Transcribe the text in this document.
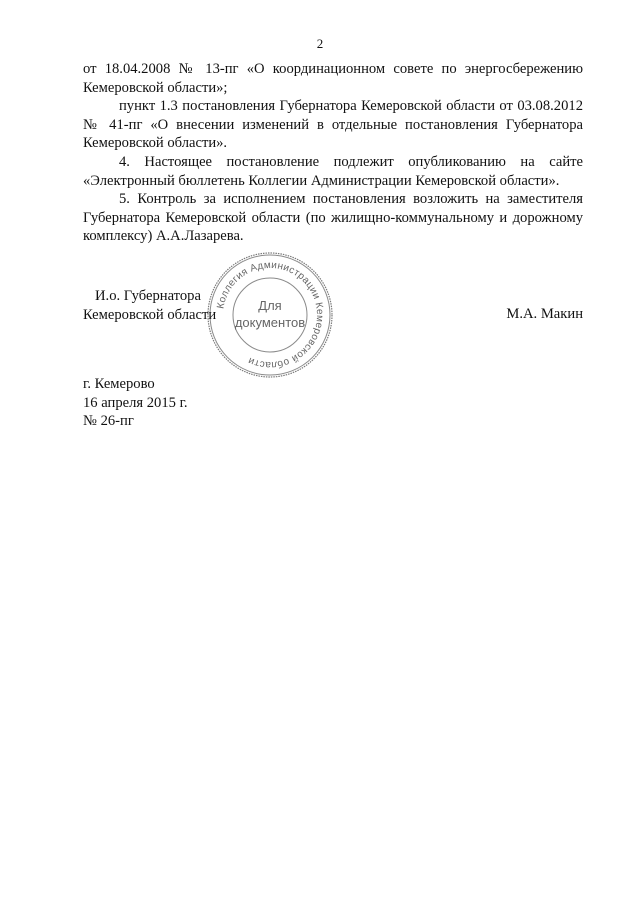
2

от 18.04.2008 № 13-пг «О координационном совете по энергосбережению Кемеровской области»;

пункт 1.3 постановления Губернатора Кемеровской области от 03.08.2012 № 41-пг «О внесении изменений в отдельные постановления Губернатора Кемеровской области».

4. Настоящее постановление подлежит опубликованию на сайте «Электронный бюллетень Коллегии Администрации Кемеровской области».

5. Контроль за исполнением постановления возложить на заместителя Губернатора Кемеровской области (по жилищно-коммунальному и дорожному комплексу) А.А.Лазарева.

Коллегия Администрации Кемеровской области
Для
документов
И.о. Губернатора
Кемеровской области	М.А. Макин
г. Кемерово
16 апреля 2015 г.
№ 26-пг
